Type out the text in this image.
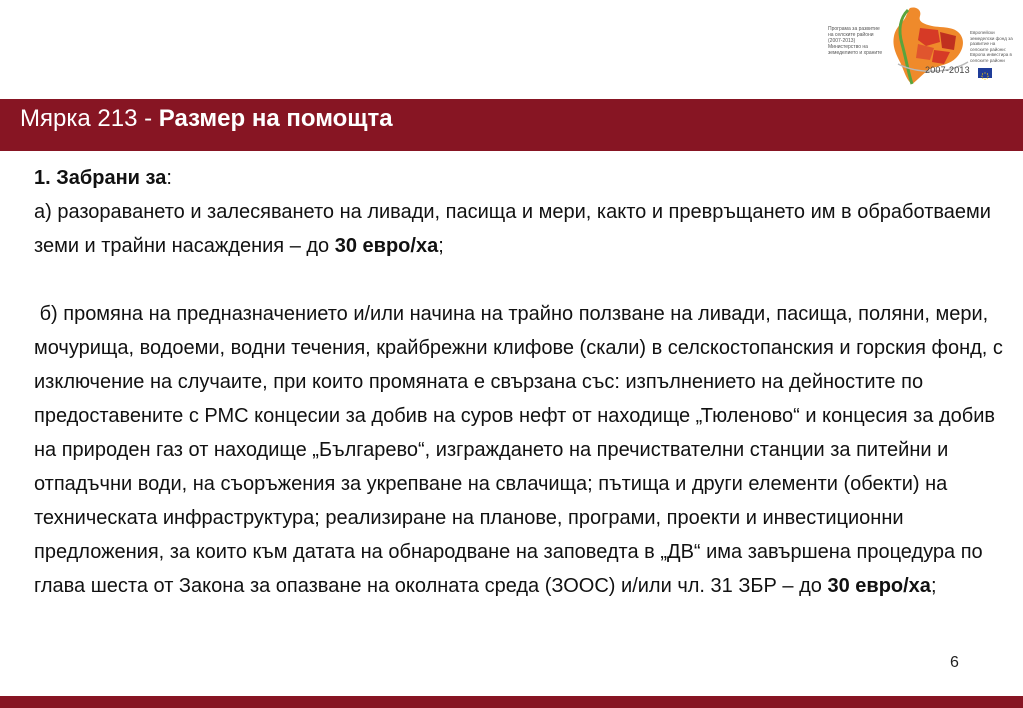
Програма за развитие на селските райони (2007-2013) Министерство на земеделието и храните
2007-2013
Европейски земеделски фонд за развитие на селските райони: Европа инвестира в селските райони
Мярка 213 - Размер на помощта

1. Забрани за:

а) разораването и залесяването на ливади, пасища и мери, както и превръщането им в обработваеми земи и трайни насаждения – до 30 евро/ха;

б) промяна на предназначението и/или начина на трайно ползване на ливади, пасища, поляни, мери, мочурища, водоеми, водни течения, крайбрежни клифове (скали) в селскостопанския и горския фонд, с изключение на случаите, при които промяната е свързана със: изпълнението на дейностите по предоставените с РМС концесии за добив на суров нефт от находище „Тюленово“ и концесия за добив на природен газ от находище „Българево“, изграждането на пречиствателни станции за питейни и отпадъчни води, на съоръжения за укрепване на свлачища; пътища и други елементи (обекти) на техническата инфраструктура; реализиране на планове, програми, проекти и инвестиционни предложения, за които към датата на обнародване на заповедта в „ДВ“ има завършена процедура по глава шеста от Закона за опазване на околната среда (ЗООС) и/или чл. 31 ЗБР – до 30 евро/ха;

6
